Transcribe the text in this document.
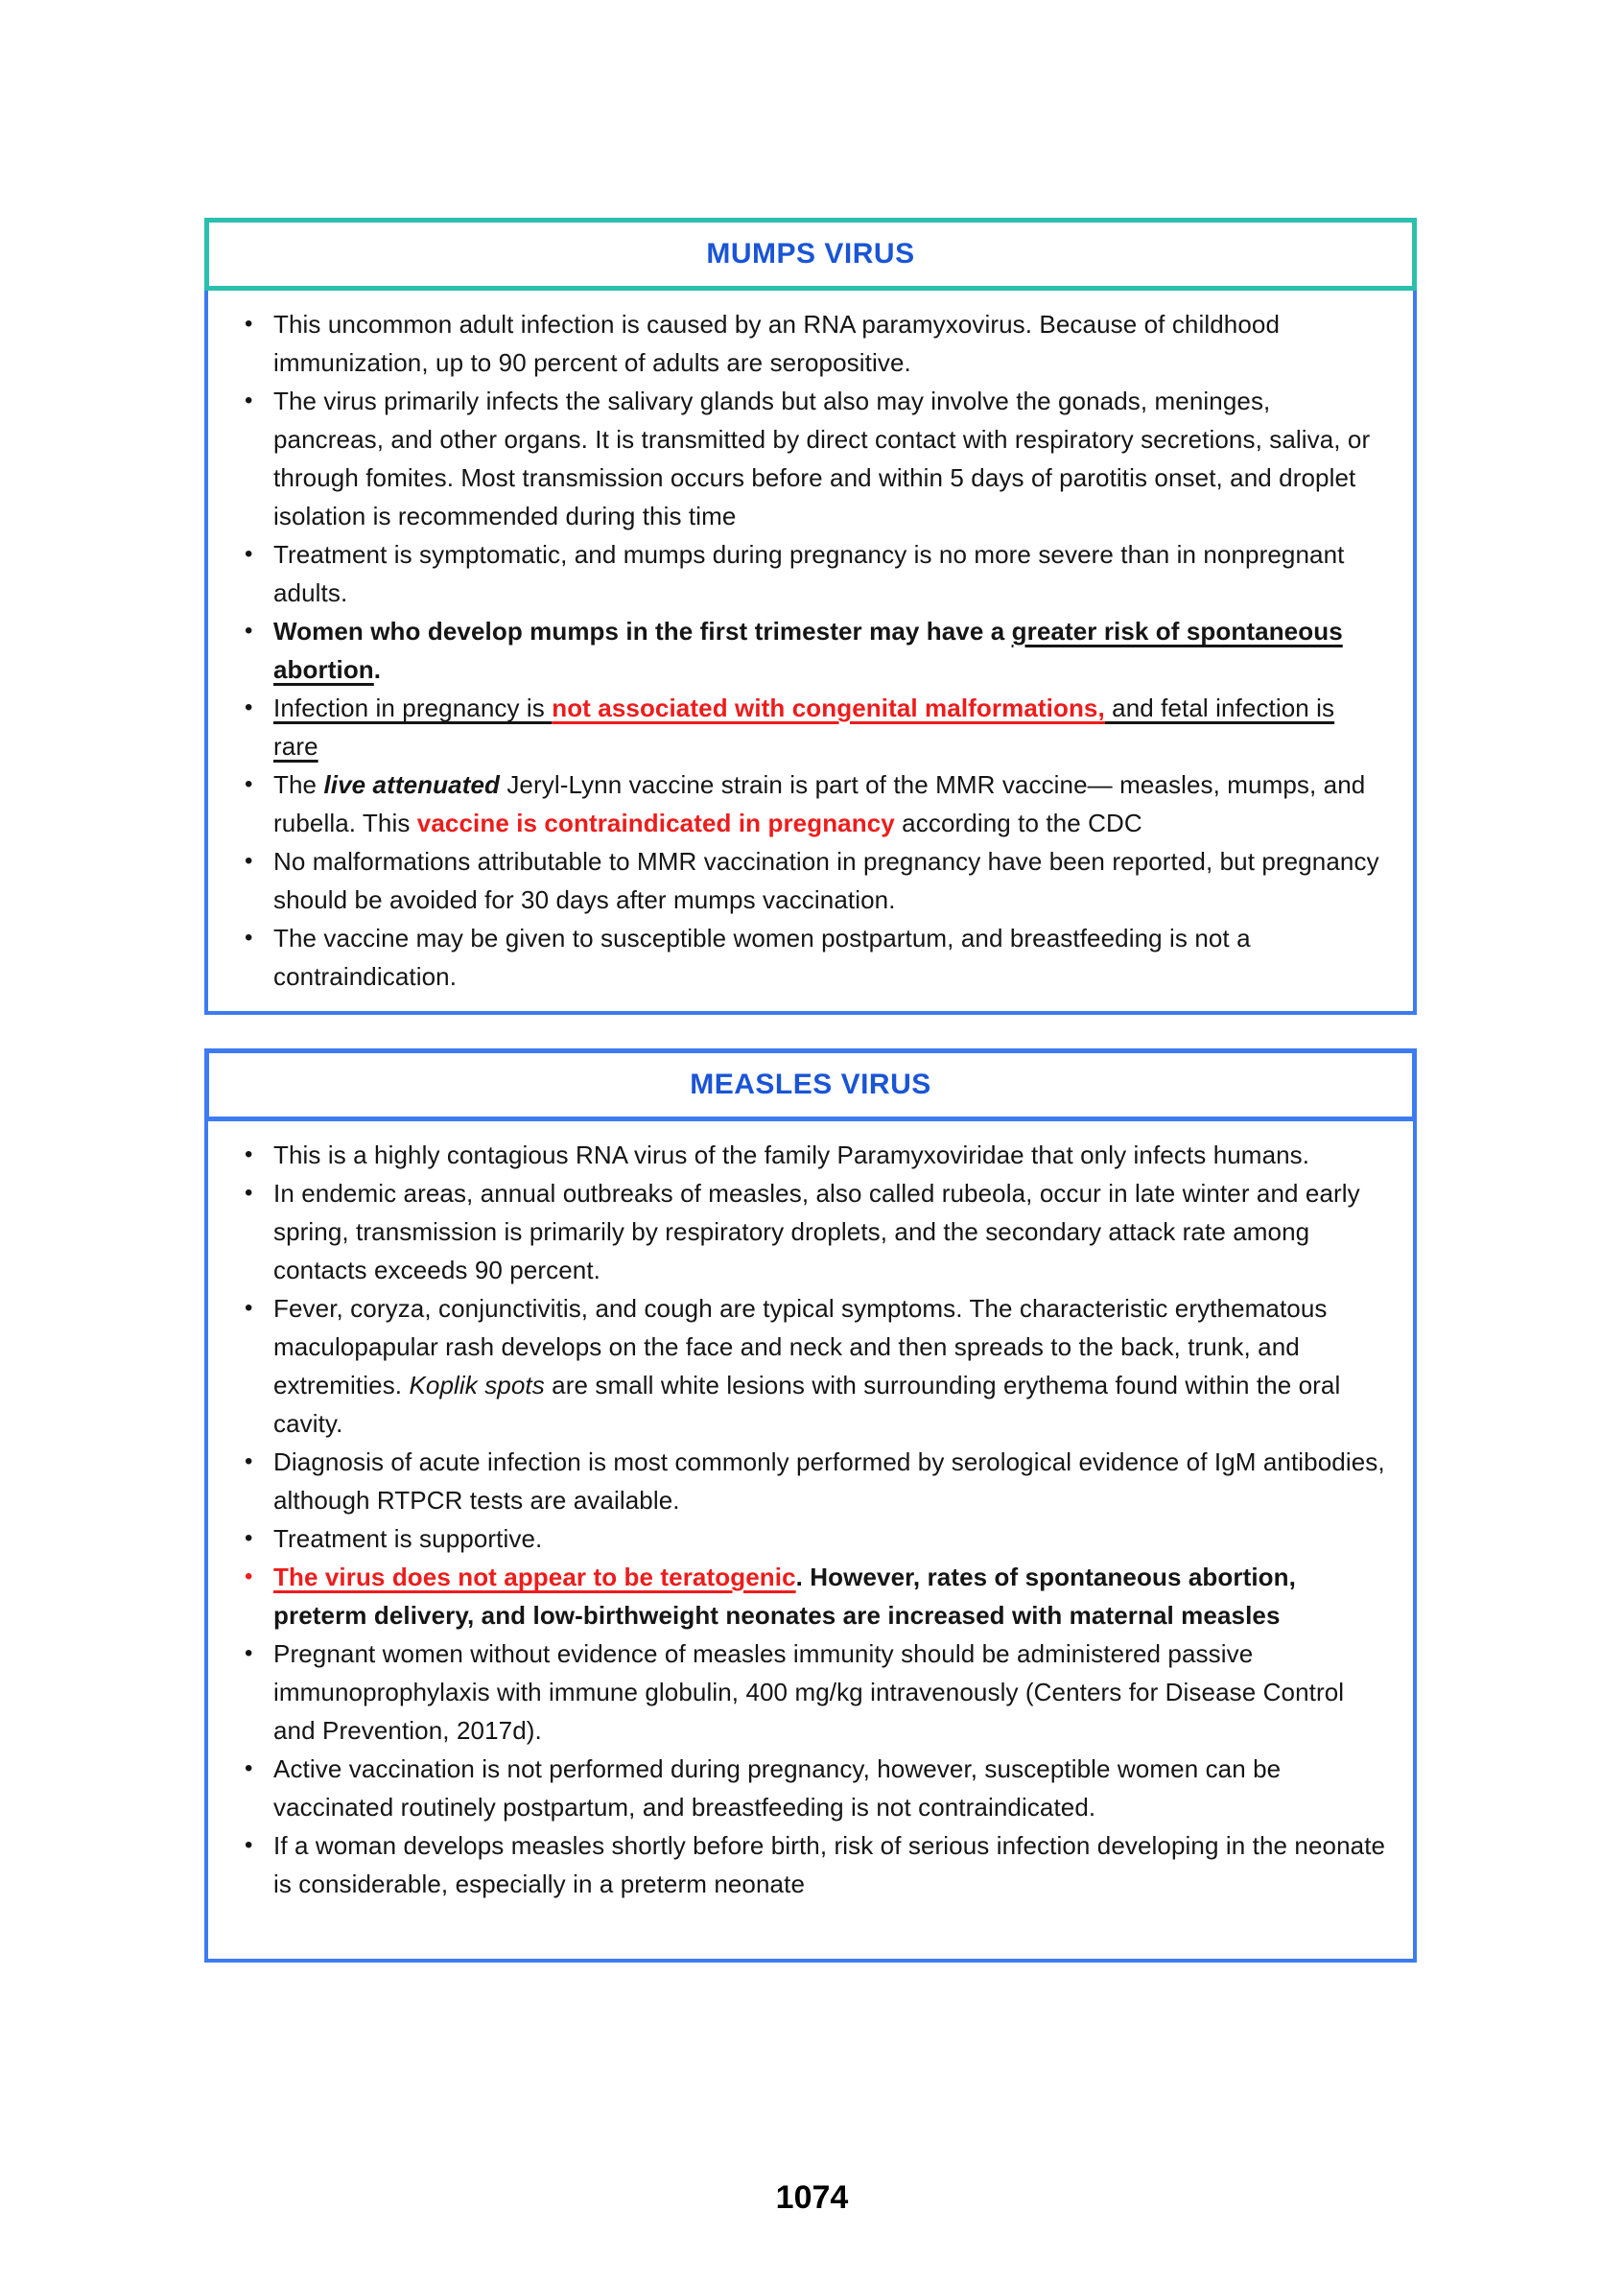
MUMPS VIRUS
• This uncommon adult infection is caused by an RNA paramyxovirus. Because of childhood immunization, up to 90 percent of adults are seropositive.
• The virus primarily infects the salivary glands but also may involve the gonads, meninges, pancreas, and other organs. It is transmitted by direct contact with respiratory secretions, saliva, or through fomites. Most transmission occurs before and within 5 days of parotitis onset, and droplet isolation is recommended during this time
• Treatment is symptomatic, and mumps during pregnancy is no more severe than in nonpregnant adults.
• Women who develop mumps in the first trimester may have a greater risk of spontaneous abortion.
• Infection in pregnancy is not associated with congenital malformations, and fetal infection is rare
• The live attenuated Jeryl-Lynn vaccine strain is part of the MMR vaccine— measles, mumps, and rubella. This vaccine is contraindicated in pregnancy according to the CDC
• No malformations attributable to MMR vaccination in pregnancy have been reported, but pregnancy should be avoided for 30 days after mumps vaccination.
• The vaccine may be given to susceptible women postpartum, and breastfeeding is not a contraindication.
MEASLES VIRUS
• This is a highly contagious RNA virus of the family Paramyxoviridae that only infects humans.
• In endemic areas, annual outbreaks of measles, also called rubeola, occur in late winter and early spring, transmission is primarily by respiratory droplets, and the secondary attack rate among contacts exceeds 90 percent.
• Fever, coryza, conjunctivitis, and cough are typical symptoms. The characteristic erythematous maculopapular rash develops on the face and neck and then spreads to the back, trunk, and extremities. Koplik spots are small white lesions with surrounding erythema found within the oral cavity.
• Diagnosis of acute infection is most commonly performed by serological evidence of IgM antibodies, although RTPCR tests are available.
• Treatment is supportive.
• The virus does not appear to be teratogenic. However, rates of spontaneous abortion, preterm delivery, and low-birthweight neonates are increased with maternal measles
• Pregnant women without evidence of measles immunity should be administered passive immunoprophylaxis with immune globulin, 400 mg/kg intravenously (Centers for Disease Control and Prevention, 2017d).
• Active vaccination is not performed during pregnancy, however, susceptible women can be vaccinated routinely postpartum, and breastfeeding is not contraindicated.
• If a woman develops measles shortly before birth, risk of serious infection developing in the neonate is considerable, especially in a preterm neonate
1074
